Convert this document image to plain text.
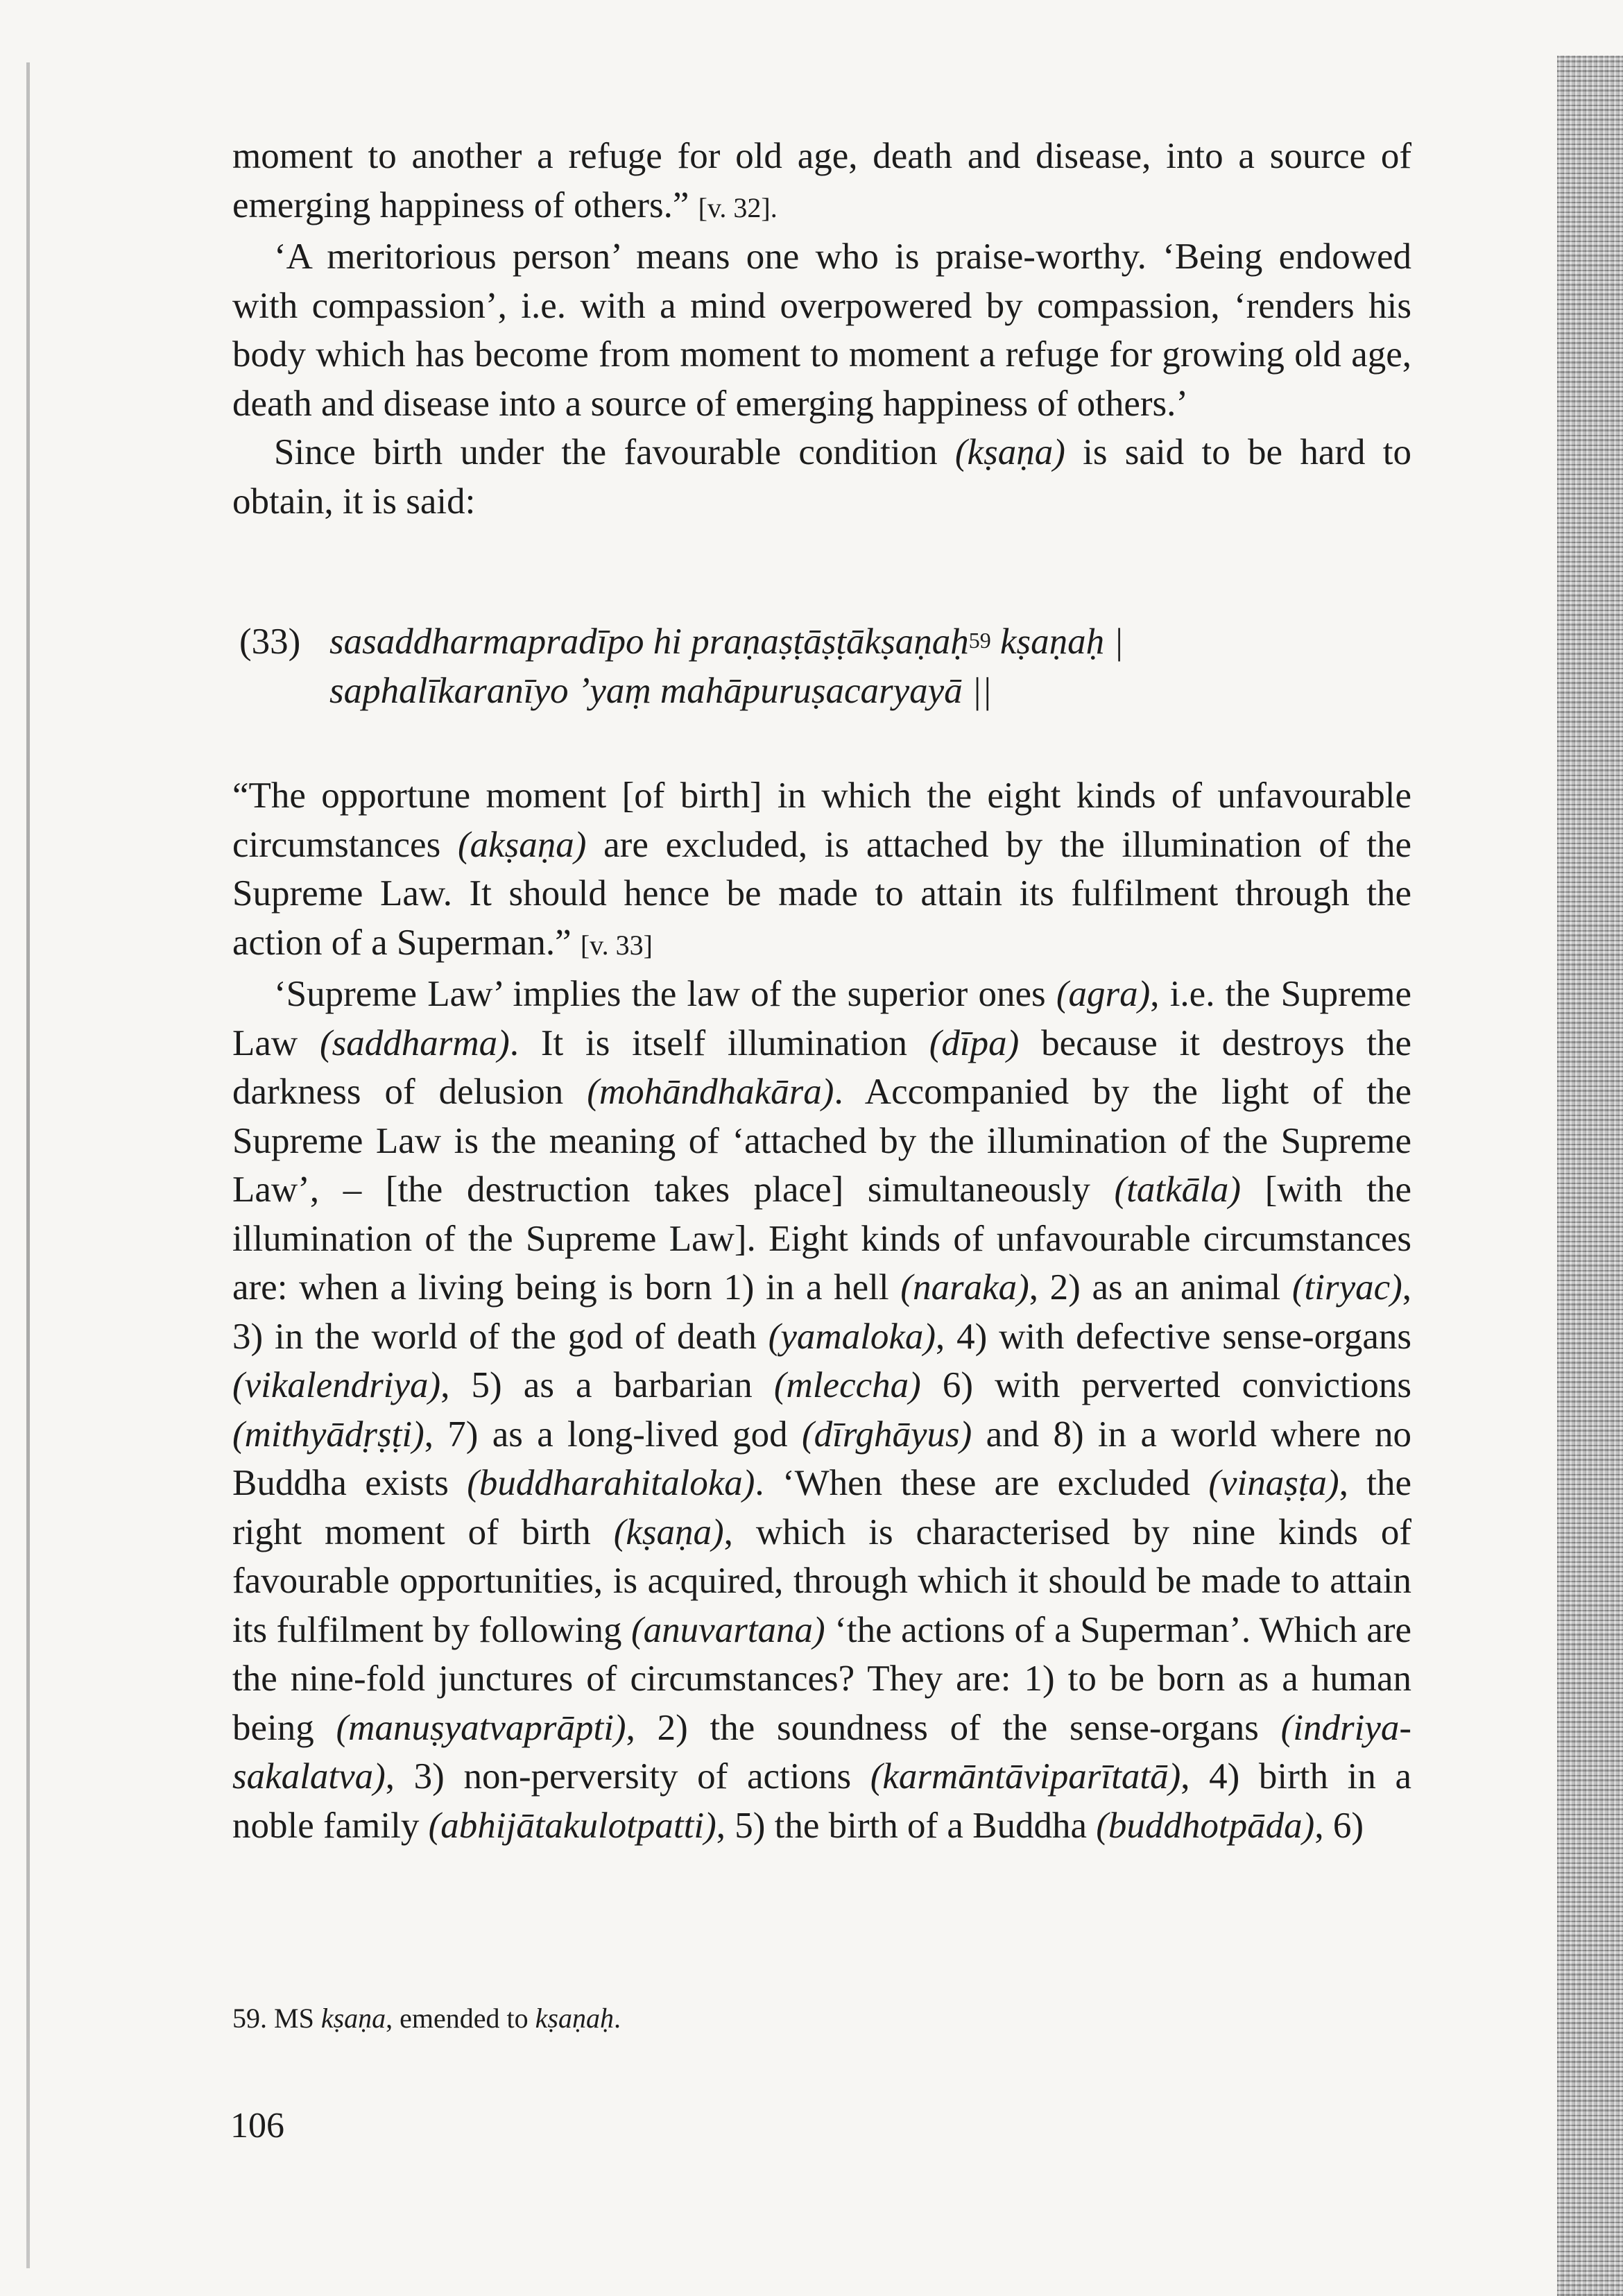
moment to another a refuge for old age, death and disease, into a source of emerging happiness of others.” [v. 32].

‘A meritorious person’ means one who is praise-worthy. ‘Being endowed with compassion’, i.e. with a mind overpowered by compassion, ‘renders his body which has become from moment to moment a refuge for growing old age, death and disease into a source of emerging happiness of others.’

Since birth under the favourable condition (kṣaṇa) is said to be hard to obtain, it is said:

(33) sasaddharmapradīpo hi praṇaṣṭāṣṭākṣaṇaḥ$^{59}$ kṣaṇaḥ |
saphalīkaranīyo ’yaṃ mahāpuruṣacaryayā ||

“The opportune moment [of birth] in which the eight kinds of unfavourable circumstances (akṣaṇa) are excluded, is attached by the illumination of the Supreme Law. It should hence be made to attain its fulfilment through the action of a Superman.” [v. 33]

‘Supreme Law’ implies the law of the superior ones (agra), i.e. the Supreme Law (saddharma). It is itself illumination (dīpa) because it destroys the darkness of delusion (mohāndhakāra). Accompanied by the light of the Supreme Law is the meaning of ‘attached by the illumination of the Supreme Law’, – [the destruction takes place] simultaneously (tatkāla) [with the illumination of the Supreme Law]. Eight kinds of unfavourable circumstances are: when a living being is born 1) in a hell (naraka), 2) as an animal (tiryac), 3) in the world of the god of death (yamaloka), 4) with defective sense-organs (vikalendriya), 5) as a barbarian (mleccha) 6) with perverted convictions (mithyādṛṣṭi), 7) as a long-lived god (dīrghāyus) and 8) in a world where no Buddha exists (buddharahitaloka). ‘When these are excluded (vinaṣṭa), the right moment of birth (kṣaṇa), which is characterised by nine kinds of favourable opportunities, is acquired, through which it should be made to attain its fulfilment by following (anuvartana) ‘the actions of a Superman’. Which are the nine-fold junctures of circumstances? They are: 1) to be born as a human being (manuṣyatvaprāpti), 2) the soundness of the sense-organs (indriya-sakalatva), 3) non-perversity of actions (karmāntāviparītatā), 4) birth in a noble family (abhijātakulotpatti), 5) the birth of a Buddha (buddhotpāda), 6)

59. MS kṣaṇa, emended to kṣaṇaḥ.
106
